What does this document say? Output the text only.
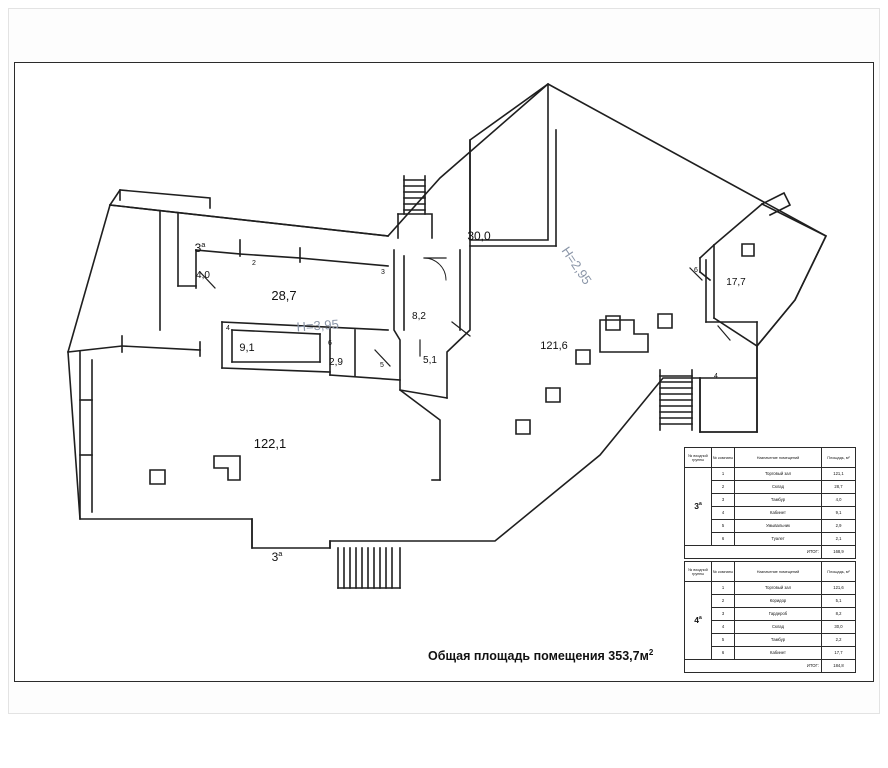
$3^а$
4,0
2
28,7
H=3,95
4
9,1
2,9
6
5
3
8,2
5,1
30,0
H=2,95
121,6
17,7
6
4
122,1
$3^а$
Общая площадь помещения $353,7м^2$
№ входной группы	№ комнаты	Назначение помещений	Площадь, м²
$3^а$	1	Торговый зал	121,1
	2	Склад	28,7
	3	Тамбур	4,0
	4	Кабинет	9,1
	5	Умывальник	2,9
	6	Туалет	2,1
ИТОГ:			168,9
№ входной группы	№ комнаты	Назначение помещений	Площадь, м²
$4^а$	1	Торговый зал	121,6
	2	Коридор	5,1
	3	Гардероб	8,2
	4	Склад	30,0
	5	Тамбур	2,2
	6	Кабинет	17,7
ИТОГ:			184,8
